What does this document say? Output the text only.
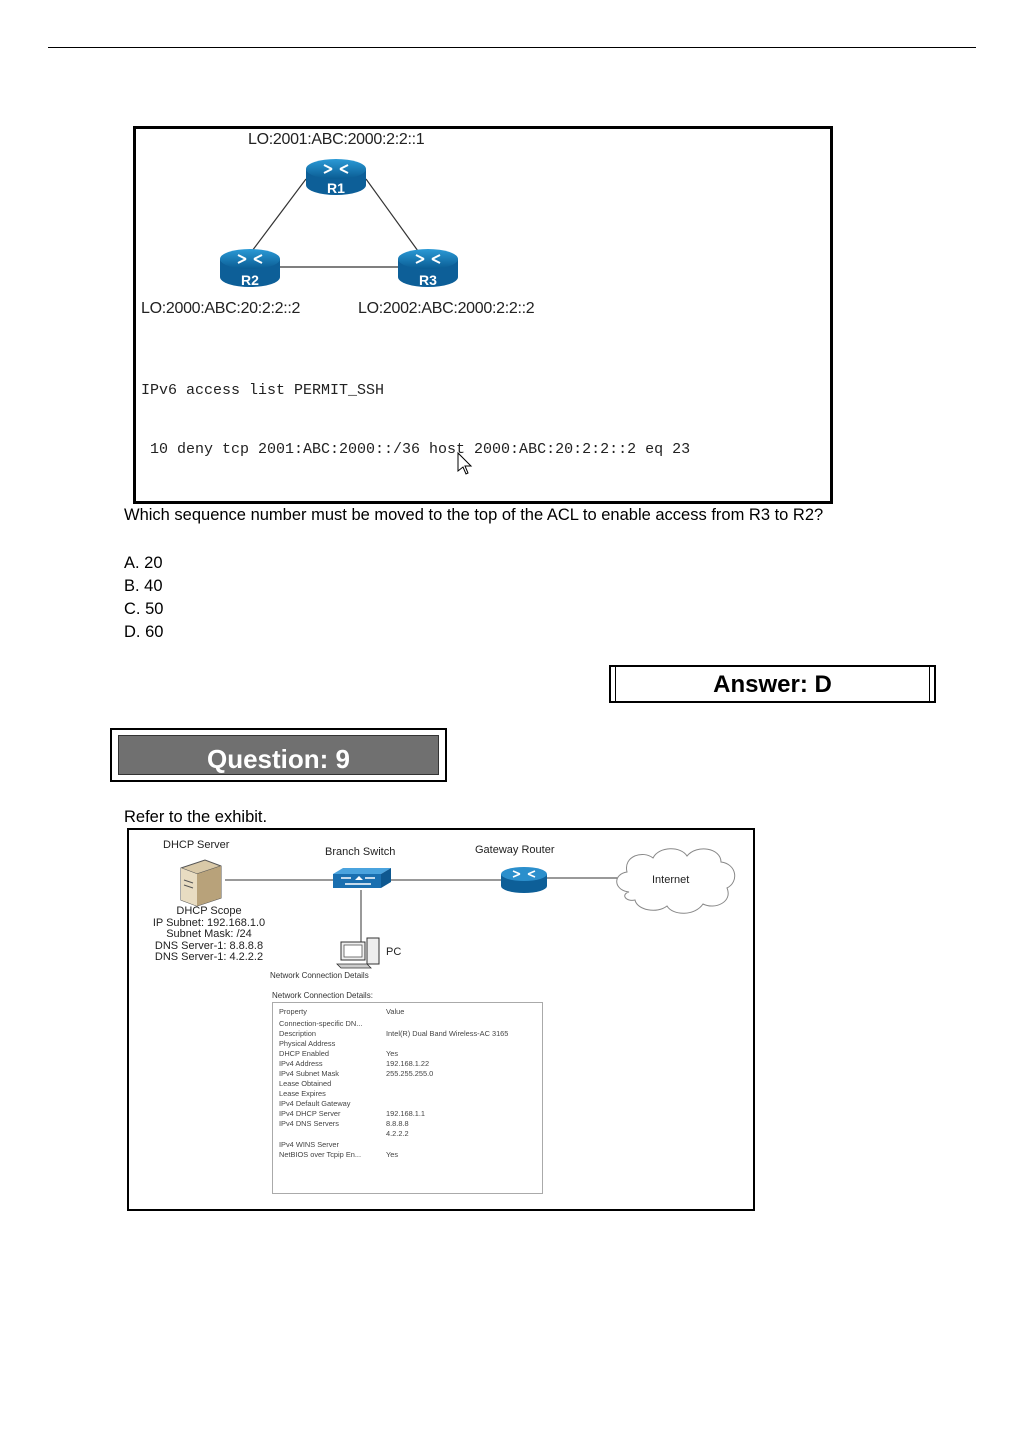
R1
R2	R3
LO:2001:ABC:2000:2:2::1
LO:2000:ABC:20:2:2::2	LO:2002:ABC:2000:2:2::2

IPv6 access list PERMIT_SSH

10 deny tcp 2001:ABC:2000::/36 host 2000:ABC:20:2:2::2 eq 23

Which sequence number must be moved to the top of the ACL to enable access from R3 to R2?
A. 20
B. 40
C. 50
D. 60
Answer: D
Question: 9
Refer to the exhibit.
DHCP Server
Branch Switch	Gateway Router
Internet
PC
DHCP Scope
IP Subnet: 192.168.1.0
Subnet Mask: /24
DNS Server-1: 8.8.8.8
DNS Server-1: 4.2.2.2
Network Connection Details
Network Connection Details:
Property	Value
Connection-specific DN...
Description	Intel(R) Dual Band Wireless-AC 3165
Physical Address
DHCP Enabled	Yes
IPv4 Address	192.168.1.22
IPv4 Subnet Mask	255.255.255.0
Lease Obtained
Lease Expires
IPv4 Default Gateway
IPv4 DHCP Server	192.168.1.1
IPv4 DNS Servers	8.8.8.8
4.2.2.2
IPv4 WINS Server
NetBIOS over Tcpip En...	Yes
